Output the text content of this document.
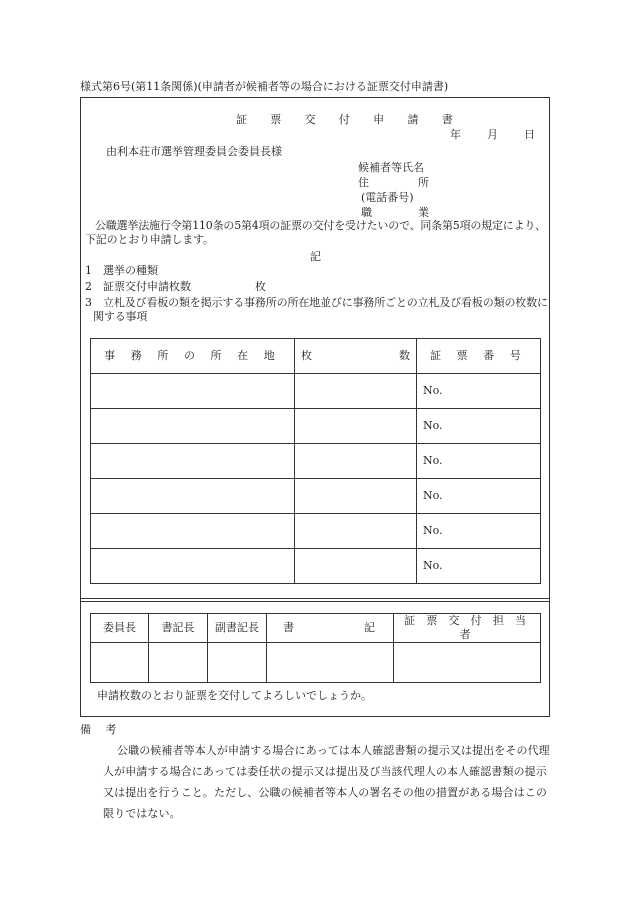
様式第6号(第11条関係)(申請者が候補者等の場合における証票交付申請書)
証 票 交 付 申 請 書
年 月 日
由利本荘市選挙管理委員会委員長様
候補者等氏名
住	所
(電話番号)
職	業
公職選挙法施行令第110条の5第4項の証票の交付を受けたいので、同条第5項の規定により、下記のとおり申請します。
記
1 選挙の種類
2 証票交付申請枚数	枚
3	立札及び看板の類を掲示する事務所の所在地並びに事務所ごとの立札及び看板の類の枚数に関する事項
事 務 所 の 所 在 地	枚 数	証 票 番 号
		No.
		No.
		No.
		No.
		No.
		No.
委員長	書記長	副書記長	書 記	証 票 交 付 担 当 者

申請枚数のとおり証票を交付してよろしいでしょうか。
備 考
公職の候補者等本人が申請する場合にあっては本人確認書類の提示又は提出をその代理人が申請する場合にあっては委任状の提示又は提出及び当該代理人の本人確認書類の提示又は提出を行うこと。ただし、公職の候補者等本人の署名その他の措置がある場合はこの限りではない。
